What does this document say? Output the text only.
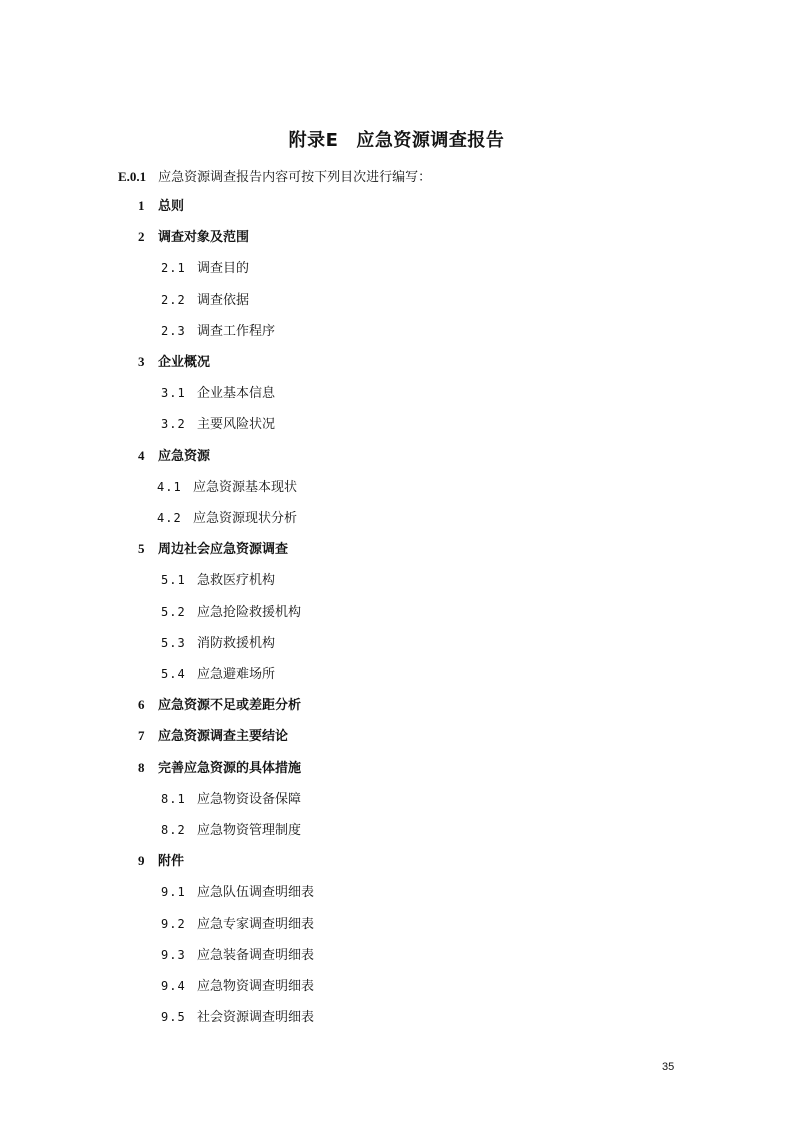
附录E 应急资源调查报告
E.0.1 应急资源调查报告内容可按下列目次进行编写：
1 总则
2 调查对象及范围
2.1 调查目的
2.2 调查依据
2.3 调查工作程序
3 企业概况
3.1 企业基本信息
3.2 主要风险状况
4 应急资源
4.1 应急资源基本现状
4.2 应急资源现状分析
5 周边社会应急资源调查
5.1 急救医疗机构
5.2 应急抢险救援机构
5.3 消防救援机构
5.4 应急避难场所
6 应急资源不足或差距分析
7 应急资源调查主要结论
8 完善应急资源的具体措施
8.1 应急物资设备保障
8.2 应急物资管理制度
9 附件
9.1 应急队伍调查明细表
9.2 应急专家调查明细表
9.3 应急装备调查明细表
9.4 应急物资调查明细表
9.5 社会资源调查明细表
35
